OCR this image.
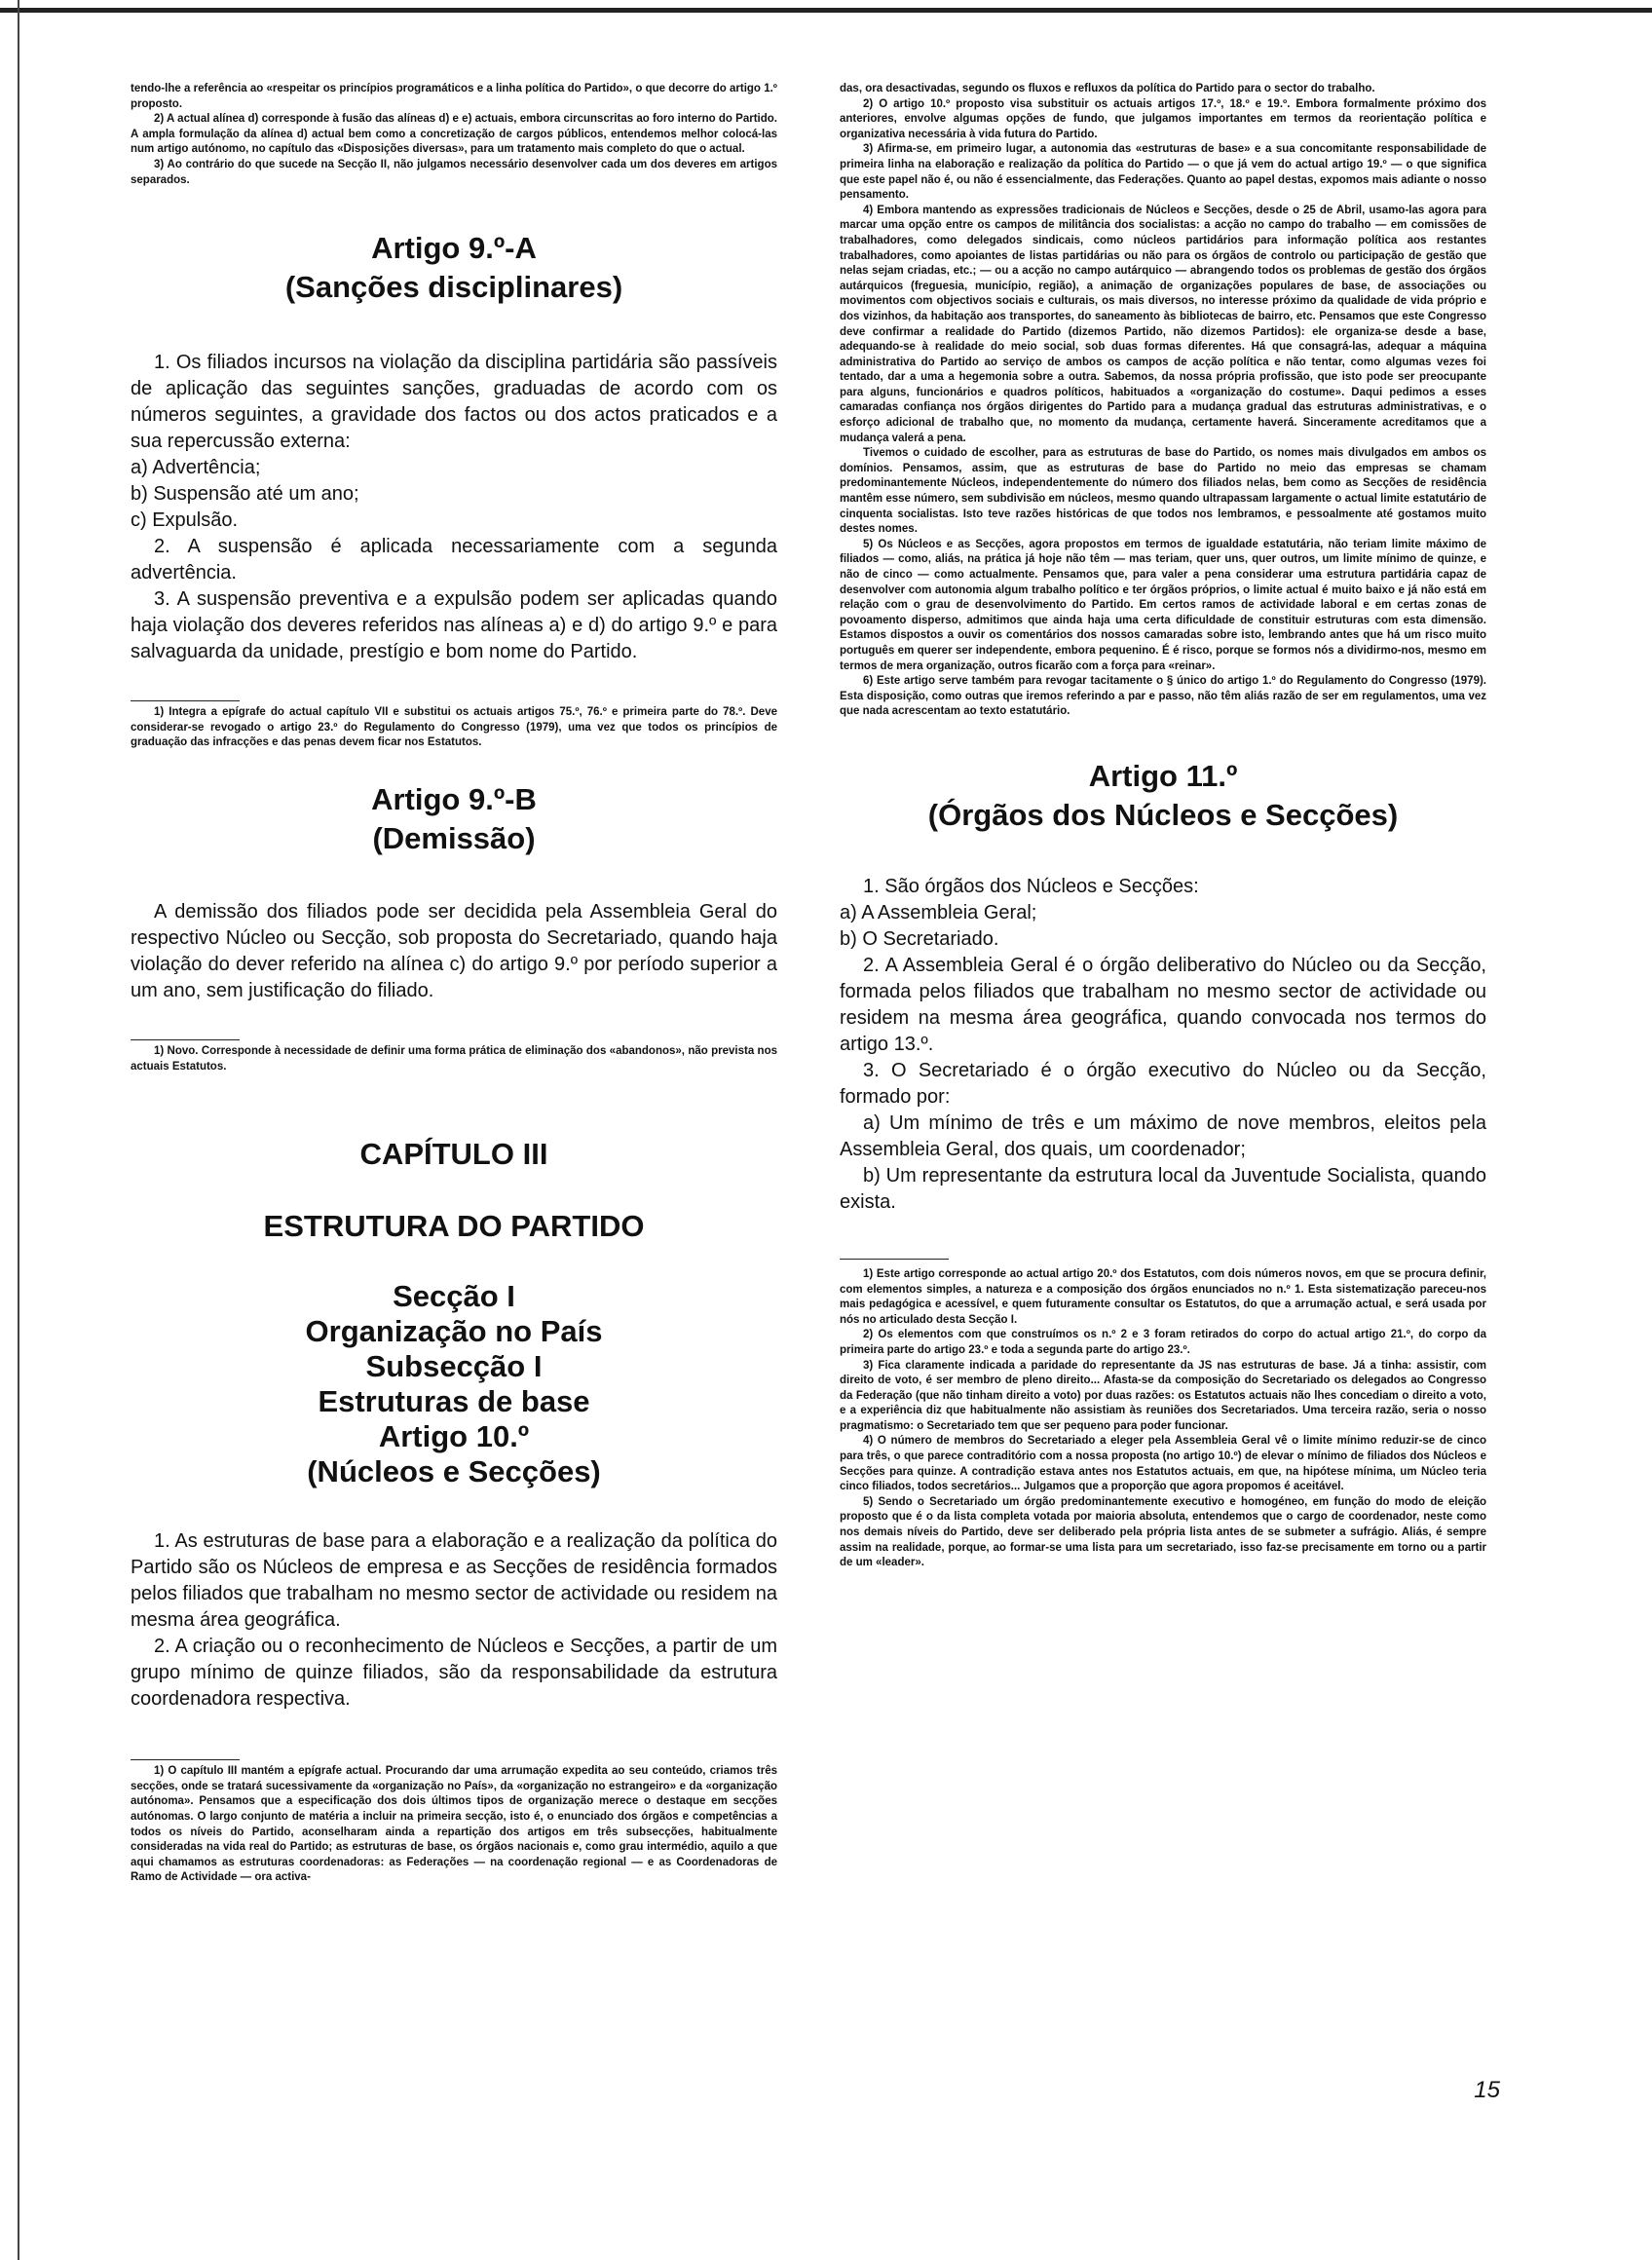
tendo-lhe a referência ao «respeitar os princípios programáticos e a linha política do Partido», o que decorre do artigo 1.º proposto.

2) A actual alínea d) corresponde à fusão das alíneas d) e e) actuais, embora circunscritas ao foro interno do Partido. A ampla formulação da alínea d) actual bem como a concretização de cargos públicos, entendemos melhor colocá-las num artigo autónomo, no capítulo das «Disposições diversas», para um tratamento mais completo do que o actual.

3) Ao contrário do que sucede na Secção II, não julgamos necessário desenvolver cada um dos deveres em artigos separados.

Artigo 9.º-A

(Sanções disciplinares)

1. Os filiados incursos na violação da disciplina partidária são passíveis de aplicação das seguintes sanções, graduadas de acordo com os números seguintes, a gravidade dos factos ou dos actos praticados e a sua repercussão externa:

a) Advertência;

b) Suspensão até um ano;

c) Expulsão.

2. A suspensão é aplicada necessariamente com a segunda advertência.

3. A suspensão preventiva e a expulsão podem ser aplicadas quando haja violação dos deveres referidos nas alíneas a) e d) do artigo 9.º e para salvaguarda da unidade, prestígio e bom nome do Partido.

1) Integra a epígrafe do actual capítulo VII e substitui os actuais artigos 75.º, 76.º e primeira parte do 78.º. Deve considerar-se revogado o artigo 23.º do Regulamento do Congresso (1979), uma vez que todos os princípios de graduação das infracções e das penas devem ficar nos Estatutos.

Artigo 9.º-B

(Demissão)

A demissão dos filiados pode ser decidida pela Assembleia Geral do respectivo Núcleo ou Secção, sob proposta do Secretariado, quando haja violação do dever referido na alínea c) do artigo 9.º por período superior a um ano, sem justificação do filiado.

1) Novo. Corresponde à necessidade de definir uma forma prática de eliminação dos «abandonos», não prevista nos actuais Estatutos.

CAPÍTULO III

ESTRUTURA DO PARTIDO

Secção I

Organização no País

Subsecção I

Estruturas de base

Artigo 10.º

(Núcleos e Secções)

1. As estruturas de base para a elaboração e a realização da política do Partido são os Núcleos de empresa e as Secções de residência formados pelos filiados que trabalham no mesmo sector de actividade ou residem na mesma área geográfica.

2. A criação ou o reconhecimento de Núcleos e Secções, a partir de um grupo mínimo de quinze filiados, são da responsabilidade da estrutura coordenadora respectiva.

1) O capítulo III mantém a epígrafe actual. Procurando dar uma arrumação expedita ao seu conteúdo, criamos três secções, onde se tratará sucessivamente da «organização no País», da «organização no estrangeiro» e da «organização autónoma». Pensamos que a especificação dos dois últimos tipos de organização merece o destaque em secções autónomas. O largo conjunto de matéria a incluir na primeira secção, isto é, o enunciado dos órgãos e competências a todos os níveis do Partido, aconselharam ainda a repartição dos artigos em três subsecções, habitualmente consideradas na vida real do Partido; as estruturas de base, os órgãos nacionais e, como grau intermédio, aquilo a que aqui chamamos as estruturas coordenadoras: as Federações — na coordenação regional — e as Coordenadoras de Ramo de Actividade — ora activa-

das, ora desactivadas, segundo os fluxos e refluxos da política do Partido para o sector do trabalho.

2) O artigo 10.º proposto visa substituir os actuais artigos 17.º, 18.º e 19.º. Embora formalmente próximo dos anteriores, envolve algumas opções de fundo, que julgamos importantes em termos da reorientação política e organizativa necessária à vida futura do Partido.

3) Afirma-se, em primeiro lugar, a autonomia das «estruturas de base» e a sua concomitante responsabilidade de primeira linha na elaboração e realização da política do Partido — o que já vem do actual artigo 19.º — o que significa que este papel não é, ou não é essencialmente, das Federações. Quanto ao papel destas, expomos mais adiante o nosso pensamento.

4) Embora mantendo as expressões tradicionais de Núcleos e Secções, desde o 25 de Abril, usamo-las agora para marcar uma opção entre os campos de militância dos socialistas: a acção no campo do trabalho — em comissões de trabalhadores, como delegados sindicais, como núcleos partidários para informação política aos restantes trabalhadores, como apoiantes de listas partidárias ou não para os órgãos de controlo ou participação de gestão que nelas sejam criadas, etc.; — ou a acção no campo autárquico — abrangendo todos os problemas de gestão dos órgãos autárquicos (freguesia, município, região), a animação de organizações populares de base, de associações ou movimentos com objectivos sociais e culturais, os mais diversos, no interesse próximo da qualidade de vida próprio e dos vizinhos, da habitação aos transportes, do saneamento às bibliotecas de bairro, etc. Pensamos que este Congresso deve confirmar a realidade do Partido (dizemos Partido, não dizemos Partidos): ele organiza-se desde a base, adequando-se à realidade do meio social, sob duas formas diferentes. Há que consagrá-las, adequar a máquina administrativa do Partido ao serviço de ambos os campos de acção política e não tentar, como algumas vezes foi tentado, dar a uma a hegemonia sobre a outra. Sabemos, da nossa própria profissão, que isto pode ser preocupante para alguns, funcionários e quadros políticos, habituados a «organização do costume». Daqui pedimos a esses camaradas confiança nos órgãos dirigentes do Partido para a mudança gradual das estruturas administrativas, e o esforço adicional de trabalho que, no momento da mudança, certamente haverá. Sinceramente acreditamos que a mudança valerá a pena.

Tivemos o cuidado de escolher, para as estruturas de base do Partido, os nomes mais divulgados em ambos os domínios. Pensamos, assim, que as estruturas de base do Partido no meio das empresas se chamam predominantemente Núcleos, independentemente do número dos filiados nelas, bem como as Secções de residência mantêm esse número, sem subdivisão em núcleos, mesmo quando ultrapassam largamente o actual limite estatutário de cinquenta socialistas. Isto teve razões históricas de que todos nos lembramos, e pessoalmente até gostamos muito destes nomes.

5) Os Núcleos e as Secções, agora propostos em termos de igualdade estatutária, não teriam limite máximo de filiados — como, aliás, na prática já hoje não têm — mas teriam, quer uns, quer outros, um limite mínimo de quinze, e não de cinco — como actualmente. Pensamos que, para valer a pena considerar uma estrutura partidária capaz de desenvolver com autonomia algum trabalho político e ter órgãos próprios, o limite actual é muito baixo e já não está em relação com o grau de desenvolvimento do Partido. Em certos ramos de actividade laboral e em certas zonas de povoamento disperso, admitimos que ainda haja uma certa dificuldade de constituir estruturas com esta dimensão. Estamos dispostos a ouvir os comentários dos nossos camaradas sobre isto, lembrando antes que há um risco muito português em querer ser independente, embora pequenino. É é risco, porque se formos nós a dividirmo-nos, mesmo em termos de mera organização, outros ficarão com a força para «reinar».

6) Este artigo serve também para revogar tacitamente o § único do artigo 1.º do Regulamento do Congresso (1979). Esta disposição, como outras que iremos referindo a par e passo, não têm aliás razão de ser em regulamentos, uma vez que nada acrescentam ao texto estatutário.

Artigo 11.º

(Órgãos dos Núcleos e Secções)

1. São órgãos dos Núcleos e Secções:

a) A Assembleia Geral;

b) O Secretariado.

2. A Assembleia Geral é o órgão deliberativo do Núcleo ou da Secção, formada pelos filiados que trabalham no mesmo sector de actividade ou residem na mesma área geográfica, quando convocada nos termos do artigo 13.º.

3. O Secretariado é o órgão executivo do Núcleo ou da Secção, formado por:

a) Um mínimo de três e um máximo de nove membros, eleitos pela Assembleia Geral, dos quais, um coordenador;

b) Um representante da estrutura local da Juventude Socialista, quando exista.

1) Este artigo corresponde ao actual artigo 20.º dos Estatutos, com dois números novos, em que se procura definir, com elementos simples, a natureza e a composição dos órgãos enunciados no n.º 1. Esta sistematização pareceu-nos mais pedagógica e acessível, e quem futuramente consultar os Estatutos, do que a arrumação actual, e será usada por nós no articulado desta Secção I.

2) Os elementos com que construímos os n.º 2 e 3 foram retirados do corpo do actual artigo 21.º, do corpo da primeira parte do artigo 23.º e toda a segunda parte do artigo 23.º.

3) Fica claramente indicada a paridade do representante da JS nas estruturas de base. Já a tinha: assistir, com direito de voto, é ser membro de pleno direito... Afasta-se da composição do Secretariado os delegados ao Congresso da Federação (que não tinham direito a voto) por duas razões: os Estatutos actuais não lhes concediam o direito a voto, e a experiência diz que habitualmente não assistiam às reuniões dos Secretariados. Uma terceira razão, seria o nosso pragmatismo: o Secretariado tem que ser pequeno para poder funcionar.

4) O número de membros do Secretariado a eleger pela Assembleia Geral vê o limite mínimo reduzir-se de cinco para três, o que parece contraditório com a nossa proposta (no artigo 10.º) de elevar o mínimo de filiados dos Núcleos e Secções para quinze. A contradição estava antes nos Estatutos actuais, em que, na hipótese mínima, um Núcleo teria cinco filiados, todos secretários... Julgamos que a proporção que agora propomos é aceitável.

5) Sendo o Secretariado um órgão predominantemente executivo e homogéneo, em função do modo de eleição proposto que é o da lista completa votada por maioria absoluta, entendemos que o cargo de coordenador, neste como nos demais níveis do Partido, deve ser deliberado pela própria lista antes de se submeter a sufrágio. Aliás, é sempre assim na realidade, porque, ao formar-se uma lista para um secretariado, isso faz-se precisamente em torno ou a partir de um «leader».

15
